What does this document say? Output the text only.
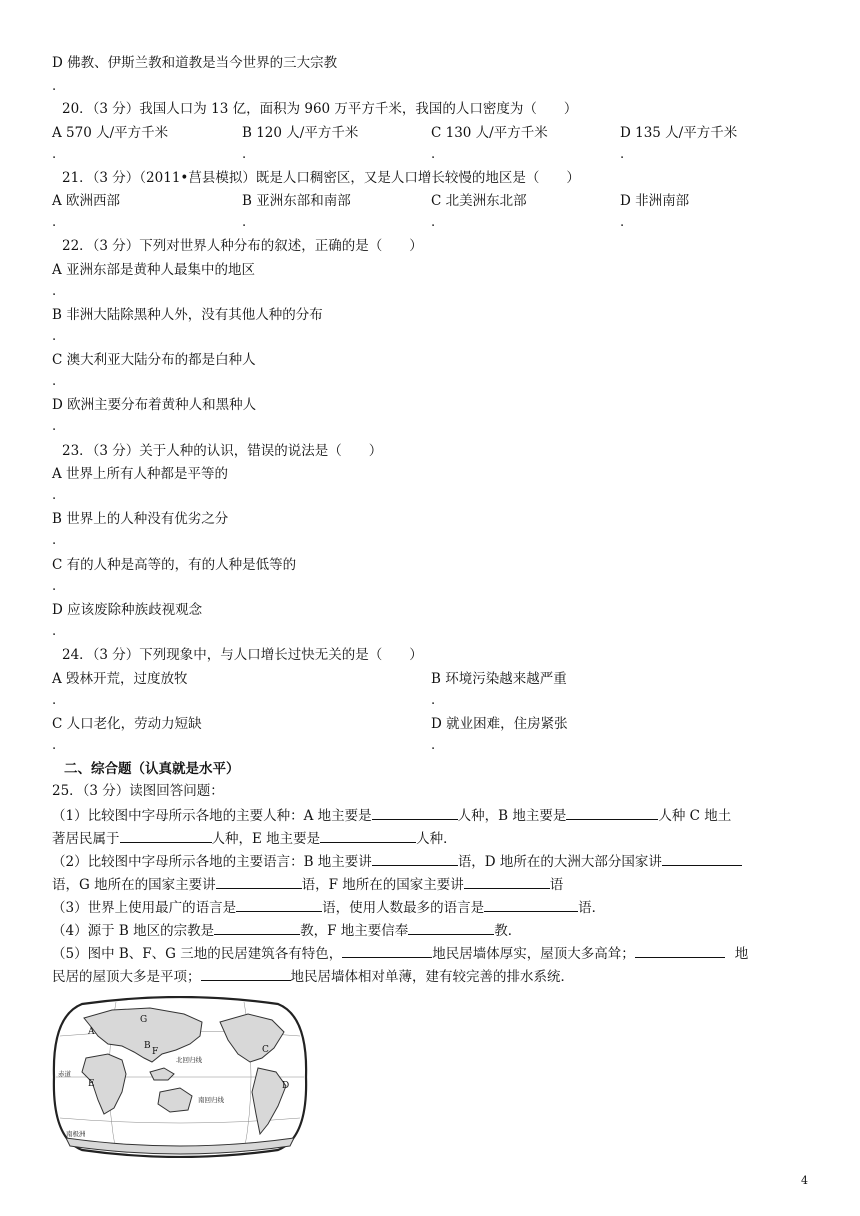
D 佛教、伊斯兰教和道教是当今世界的三大宗教
.
20．（3 分）我国人口为 13 亿，面积为 960 万平方千米，我国的人口密度为（　　）
A 570 人/平方千米	B 120 人/平方千米	C 130 人/平方千米	D 135 人/平方千米
.	.	.	.
21．（3 分）（2011•莒县模拟）既是人口稠密区，又是人口增长较慢的地区是（　　）
A 欧洲西部	B 亚洲东部和南部	C 北美洲东北部	D 非洲南部
.	.	.	.
22．（3 分）下列对世界人种分布的叙述，正确的是（　　）
A 亚洲东部是黄种人最集中的地区
.
B 非洲大陆除黑种人外，没有其他人种的分布
.
C 澳大利亚大陆分布的都是白种人
.
D 欧洲主要分布着黄种人和黑种人
.
23．（3 分）关于人种的认识，错误的说法是（　　）
A 世界上所有人种都是平等的
.
B 世界上的人种没有优劣之分
.
C 有的人种是高等的，有的人种是低等的
.
D 应该废除种族歧视观念
.
24．（3 分）下列现象中，与人口增长过快无关的是（　　）
A 毁林开荒，过度放牧	B 环境污染越来越严重
.	.
C 人口老化，劳动力短缺	D 就业困难，住房紧张
.	.
二、综合题（认真就是水平）
25．（3 分）读图回答问题：
（1）比较图中字母所示各地的主要人种：A 地主要是	人种，B 地主要是	人种 C 地土
著居民属于	人种，E 地主要是	人种．
（2）比较图中字母所示各地的主要语言：B 地主要讲	语，D 地所在的大洲大部分国家讲
语，G 地所在的国家主要讲	语，F 地所在的国家主要讲	语
（3）世界上使用最广的语言是	语，使用人数最多的语言是	语．
（4）源于 B 地区的宗教是	教，F 地主要信奉	教．
（5）图中 B、F、G 三地的民居建筑各有特色，	地民居墙体厚实，屋顶大多高耸；	地
民居的屋顶大多是平项；	地民居墙体相对单薄，建有较完善的排水系统．
G
A
B
F	C
D
E
北回归线
南回归线
赤道
南极洲
4
